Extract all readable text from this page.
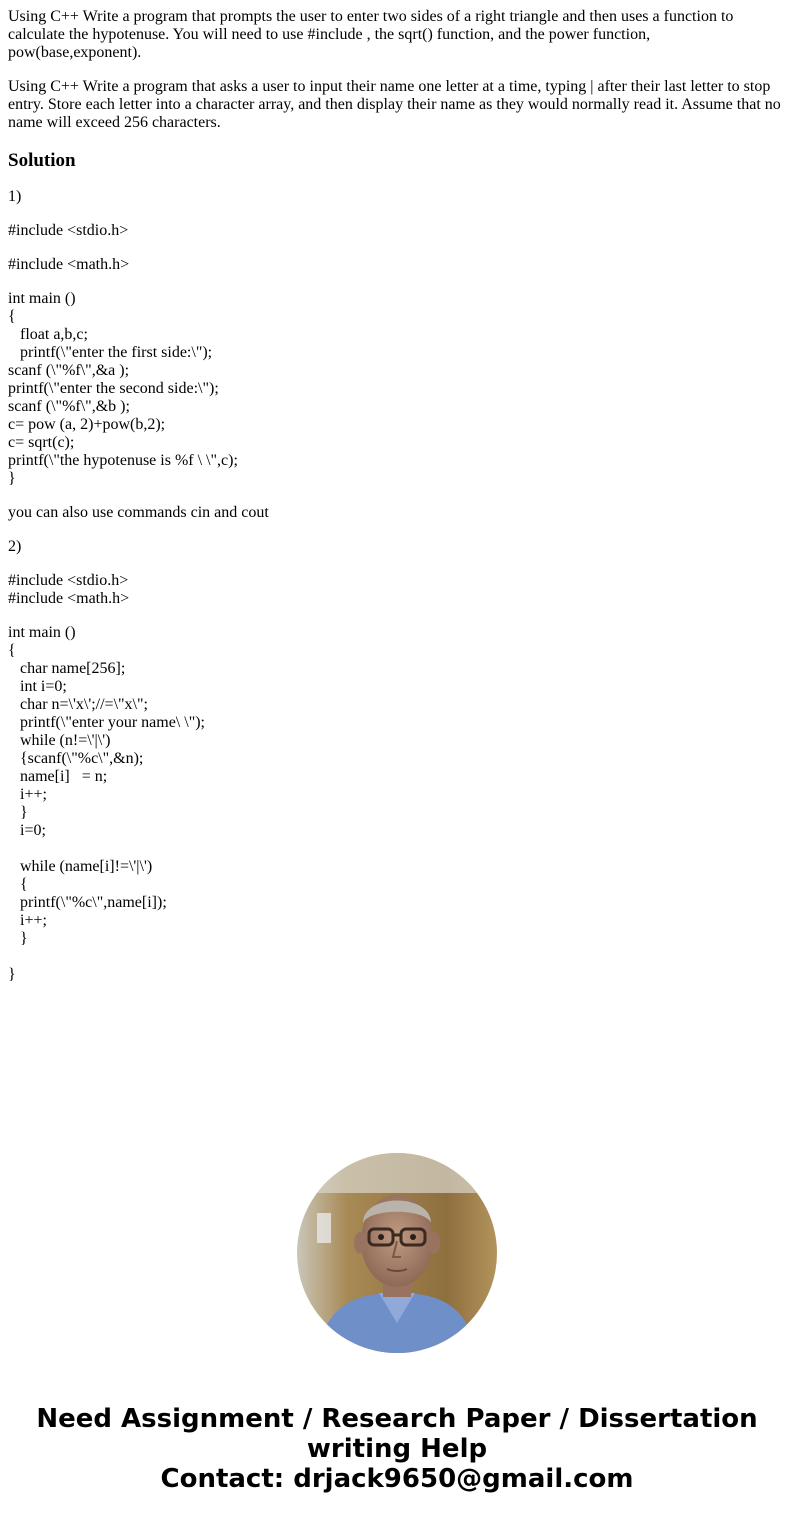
Using C++ Write a program that prompts the user to enter two sides of a right triangle and then uses a function to calculate the hypotenuse. You will need to use #include , the sqrt() function, and the power function, pow(base,exponent).

Using C++ Write a program that asks a user to input their name one letter at a time, typing | after their last letter to stop entry. Store each letter into a character array, and then display their name as they would normally read it. Assume that no name will exceed 256 characters.

Solution

1)

#include <stdio.h>

#include <math.h>

int main ()
{
float a,b,c;
printf(\"enter the first side:\");
scanf (\"%f\",&a );
printf(\"enter the second side:\");
scanf (\"%f\",&b );
c= pow (a, 2)+pow(b,2);
c= sqrt(c);
printf(\"the hypotenuse is %f \ \",c);
}

you can also use commands cin and cout

2)

#include <stdio.h>
#include <math.h>
int main ()
{
char name[256];
int i=0;
char n=\'x\';//=\"x\";
printf(\"enter your name\ \");
while (n!=\'|\')
{scanf(\"%c\",&n);
name[i]   = n;
i++;
}
i=0;

while (name[i]!=\'|\')
{
printf(\"%c\",name[i]);
i++;
}

}
Need Assignment / Research Paper / Dissertation
writing Help
Contact: drjack9650@gmail.com
